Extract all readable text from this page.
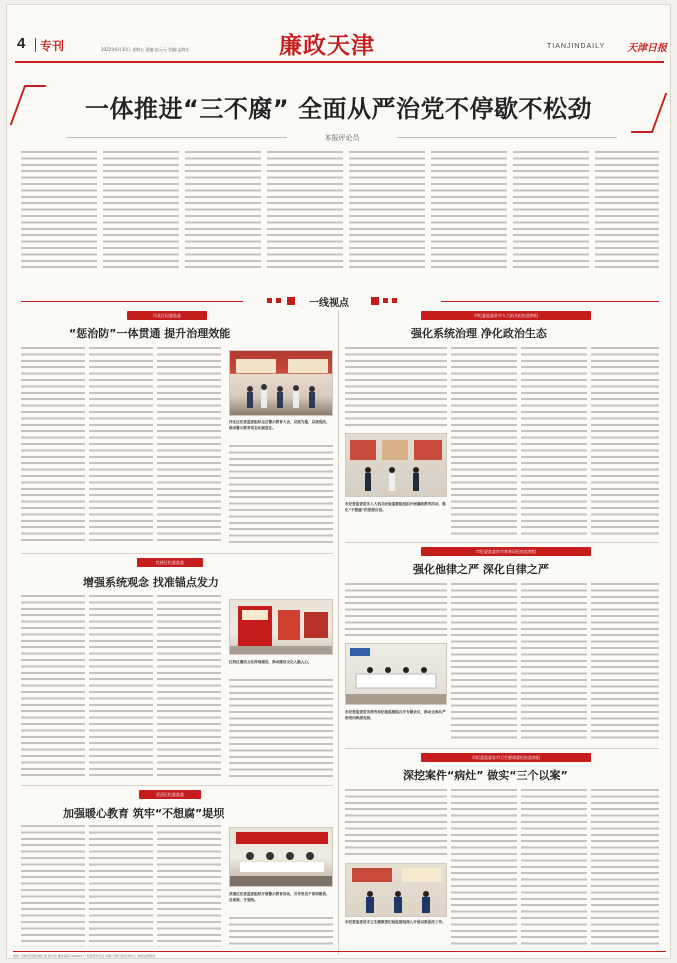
4 专刊	2022年6月10日 星期五 责编:赵元元 美编:孟晓光	廉政天津	TIANJINDAILY 天津日报
一体推进“三不腐” 全面从严治党不停歇不松劲
本报评论员
一线视点
河北区纪委监委
“惩治防”一体贯通 提升治理效能
河北区纪委监委组织全区警示教育大会，以案为鉴，以案促改，推动警示教育常态化制度化。
红桥区纪委监委
增强系统观念 找准锚点发力
红桥区廉洁文化阵地建设，推动廉洁文化入脑入心。
武清区纪委监委
加强暖心教育 筑牢“不想腐”堤坝
武清区纪委监委组织开展警示教育活动，引导党员干部知敬畏、存戒惧、守底线。
市纪委监委驻市人大机关纪检监察组
强化系统治理 净化政治生态
市纪委监委驻市人大机关纪检监察组组织开展廉政教育活动，强化“不想腐”的思想自觉。
市纪委监委驻市商务局纪检监察组
强化他律之严 深化自律之严
市纪委监委驻市商务局纪检监察组召开专题会议，推动全面从严治党向纵深发展。
市纪委监委驻市卫生健康委纪检监察组
深挖案件“病灶” 做实“三个以案”
市纪委监委驻市卫生健康委纪检监察组深入开展以案促改工作。
地址:天津市河西区梅江道 新华社 邮政编码:300222 广告经营许可证 印刷:天津日报印务中心 本报法律顾问
